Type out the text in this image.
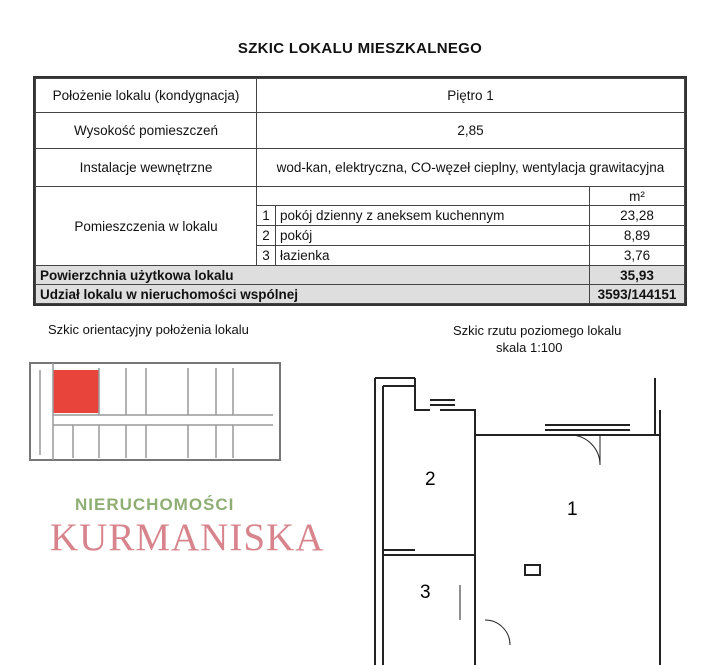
SZKIC LOKALU MIESZKALNEGO
Położenie lokalu (kondygnacja)	Piętro 1		
Wysokość pomieszczeń	2,85		
Instalacje wewnętrzne	wod-kan, elektryczna, CO-węzeł cieplny, wentylacja grawitacyjna		
Pomieszczenia w lokalu			m²
	1	pokój dzienny z aneksem kuchennym	23,28
	2	pokój	8,89
	3	łazienka	3,76
Powierzchnia użytkowa lokalu			35,93
Udział lokalu w nieruchomości wspólnej			3593/144151
Szkic orientacyjny położenia lokalu	Szkic rzutu poziomego lokalu
skala 1:100
NIERUCHOMOŚCI
KURMANISKA
2
1
3
